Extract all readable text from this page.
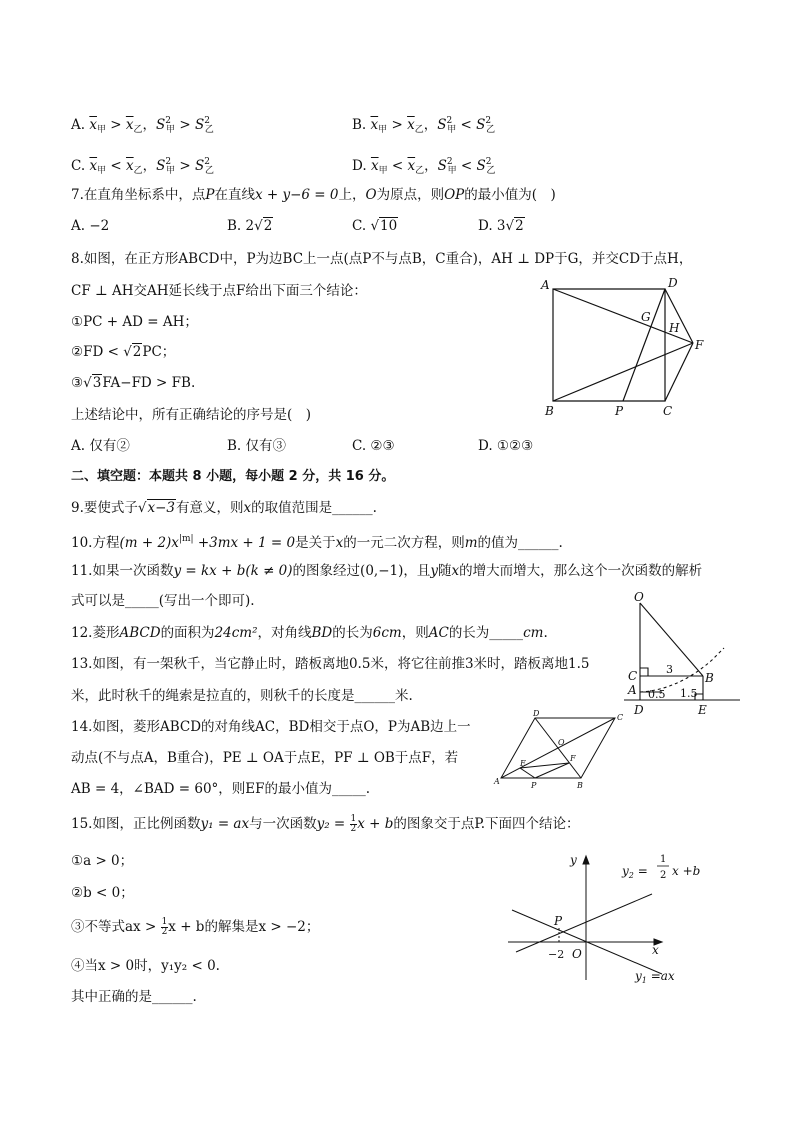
A. $\overline{x}_甲 > \overline{x}_乙$，$S^2_甲 > S^2_乙$	B. $\overline{x}_甲 > \overline{x}_乙$，$S^2_甲 < S^2_乙$
C. $\overline{x}_甲 < \overline{x}_乙$，$S^2_甲 > S^2_乙$	D. $\overline{x}_甲 < \overline{x}_乙$，$S^2_甲 < S^2_乙$
7.在直角坐标系中，点P在直线x + y−6 = 0上，O为原点，则OP的最小值为(　)
A. −2	B. 2√2	C. √10	D. 3√2
8.如图，在正方形ABCD中，P为边BC上一点(点P不与点B，C重合)，AH ⊥ DP于G，并交CD于点H，
CF ⊥ AH交AH延长线于点F给出下面三个结论：
①PC + AD = AH；
②FD < √2PC；
③√3FA−FD > FB.
上述结论中，所有正确结论的序号是(　)
A. 仅有②	B. 仅有③	C. ②③	D. ①②③
A	D
G
H
F
B	P	C
二、填空题：本题共 8 小题，每小题 2 分，共 16 分。
9.要使式子√x−3有意义，则x的取值范围是______.
10.方程$(m + 2)x^{|m|} +3mx + 1 = 0$是关于x的一元二次方程，则m的值为______.
11.如果一次函数y = kx + b(k ≠ 0)的图象经过(0,−1)，且y随x的增大而增大，那么这个一次函数的解析
式可以是_____(写出一个即可).
12.菱形ABCD的面积为24cm²，对角线BD的长为6cm，则AC的长为_____cm.
13.如图，有一架秋千，当它静止时，踏板离地0.5米，将它往前推3米时，踏板离地1.5
米，此时秋千的绳索是拉直的，则秋千的长度是______米.
O
C
A
B
D	E
3
0.5 1.5
14.如图，菱形ABCD的对角线AC，BD相交于点O，P为AB边上一
动点(不与点A，B重合)，PE ⊥ OA于点E，PF ⊥ OB于点F，若
AB = 4，∠BAD = 60°，则EF的最小值为_____.	A	B
C
D
O
E
F
P
15.如图，正比例函数y₁ = ax与一次函数$y_2 = \frac{1}{2}$ x + b的图象交于点P.下面四个结论：
①a > 0；
②b < 0；
③不等式ax > $\frac{1}{2}$ x + b的解集是x > −2；
④当x > 0时，y₁y₂ < 0.
其中正确的是______.
y
x
O
P
$y_2 = x +b$
$y_1 =ax$
1
2
−2
